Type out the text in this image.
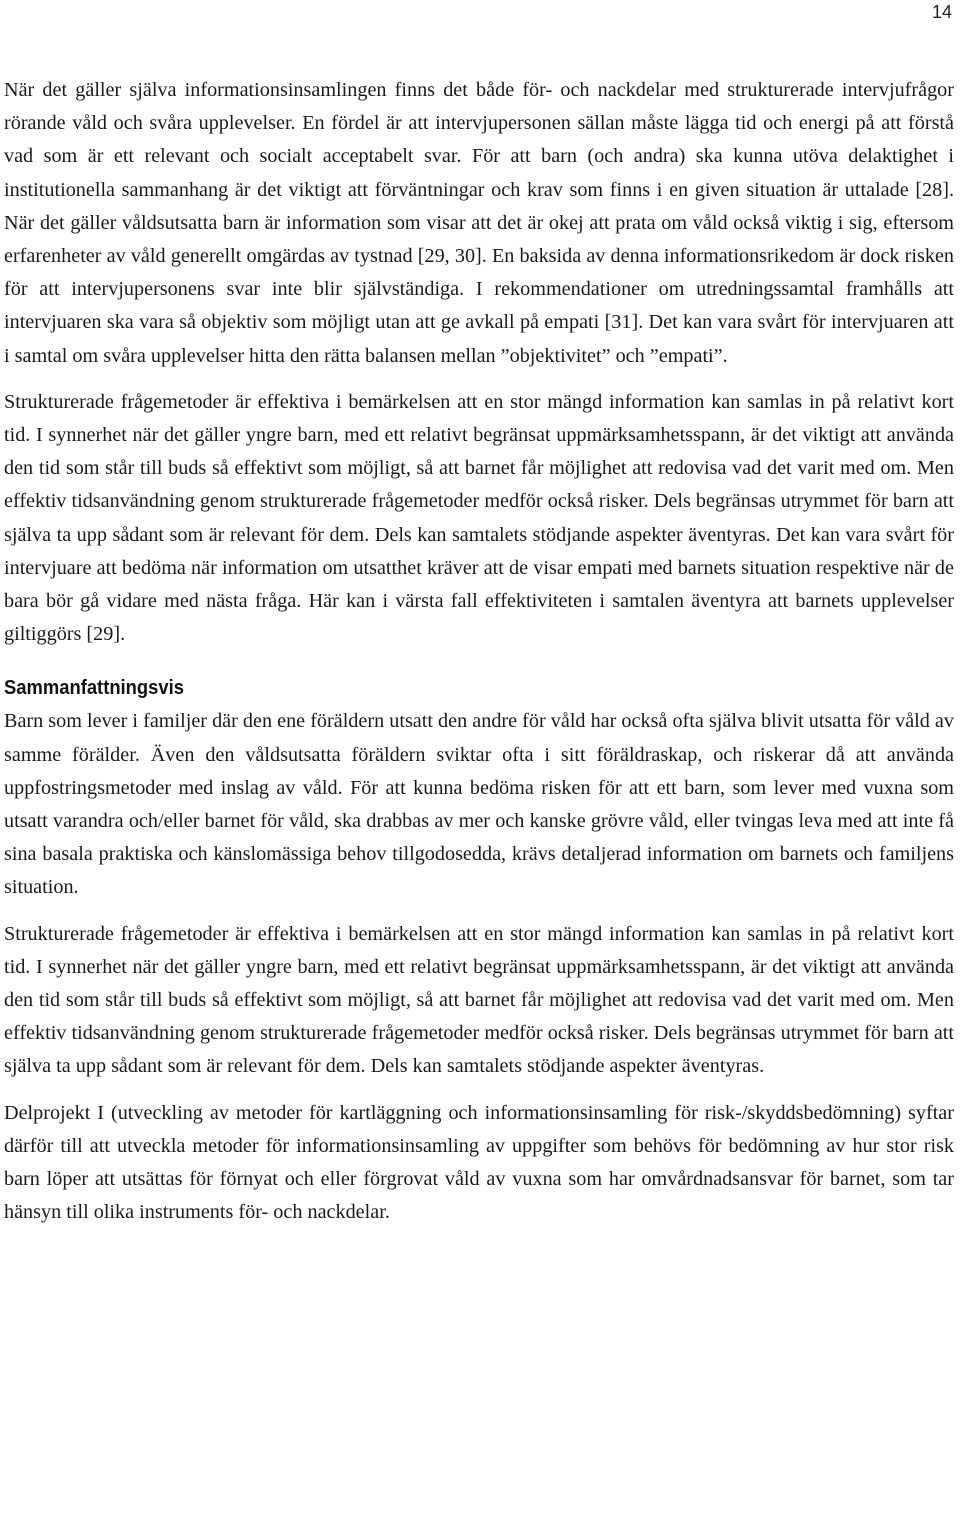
14

När det gäller själva informationsinsamlingen finns det både för- och nackdelar med strukturerade intervjufrågor rörande våld och svåra upplevelser. En fördel är att intervjupersonen sällan måste lägga tid och energi på att förstå vad som är ett relevant och socialt acceptabelt svar. För att barn (och andra) ska kunna utöva delaktighet i institutionella sammanhang är det viktigt att förväntningar och krav som finns i en given situation är uttalade [28]. När det gäller våldsutsatta barn är information som visar att det är okej att prata om våld också viktig i sig, eftersom erfarenheter av våld generellt omgärdas av tystnad [29, 30]. En baksida av denna informationsrikedom är dock risken för att intervjupersonens svar inte blir självständiga. I rekommendationer om utredningssamtal framhålls att intervjuaren ska vara så objektiv som möjligt utan att ge avkall på empati [31]. Det kan vara svårt för intervjuaren att i samtal om svåra upplevelser hitta den rätta balansen mellan ”objektivitet” och ”empati”.

Strukturerade frågemetoder är effektiva i bemärkelsen att en stor mängd information kan samlas in på relativt kort tid. I synnerhet när det gäller yngre barn, med ett relativt begränsat uppmärksamhetsspann, är det viktigt att använda den tid som står till buds så effektivt som möjligt, så att barnet får möjlighet att redovisa vad det varit med om. Men effektiv tidsanvändning genom strukturerade frågemetoder medför också risker. Dels begränsas utrymmet för barn att själva ta upp sådant som är relevant för dem. Dels kan samtalets stödjande aspekter äventyras. Det kan vara svårt för intervjuare att bedöma när information om utsatthet kräver att de visar empati med barnets situation respektive när de bara bör gå vidare med nästa fråga. Här kan i värsta fall effektiviteten i samtalen äventyra att barnets upplevelser giltiggörs [29].

Sammanfattningsvis

Barn som lever i familjer där den ene föräldern utsatt den andre för våld har också ofta själva blivit utsatta för våld av samme förälder. Även den våldsutsatta föräldern sviktar ofta i sitt föräldraskap, och riskerar då att använda uppfostringsmetoder med inslag av våld. För att kunna bedöma risken för att ett barn, som lever med vuxna som utsatt varandra och/eller barnet för våld, ska drabbas av mer och kanske grövre våld, eller tvingas leva med att inte få sina basala praktiska och känslomässiga behov tillgodosedda, krävs detaljerad information om barnets och familjens situation.

Strukturerade frågemetoder är effektiva i bemärkelsen att en stor mängd information kan samlas in på relativt kort tid. I synnerhet när det gäller yngre barn, med ett relativt begränsat uppmärksamhetsspann, är det viktigt att använda den tid som står till buds så effektivt som möjligt, så att barnet får möjlighet att redovisa vad det varit med om. Men effektiv tidsanvändning genom strukturerade frågemetoder medför också risker. Dels begränsas utrymmet för barn att själva ta upp sådant som är relevant för dem. Dels kan samtalets stödjande aspekter äventyras.

Delprojekt I (utveckling av metoder för kartläggning och informationsinsamling för risk-/skyddsbedömning) syftar därför till att utveckla metoder för informationsinsamling av uppgifter som behövs för bedömning av hur stor risk barn löper att utsättas för förnyat och eller förgrovat våld av vuxna som har omvårdnadsansvar för barnet, som tar hänsyn till olika instruments för- och nackdelar.
